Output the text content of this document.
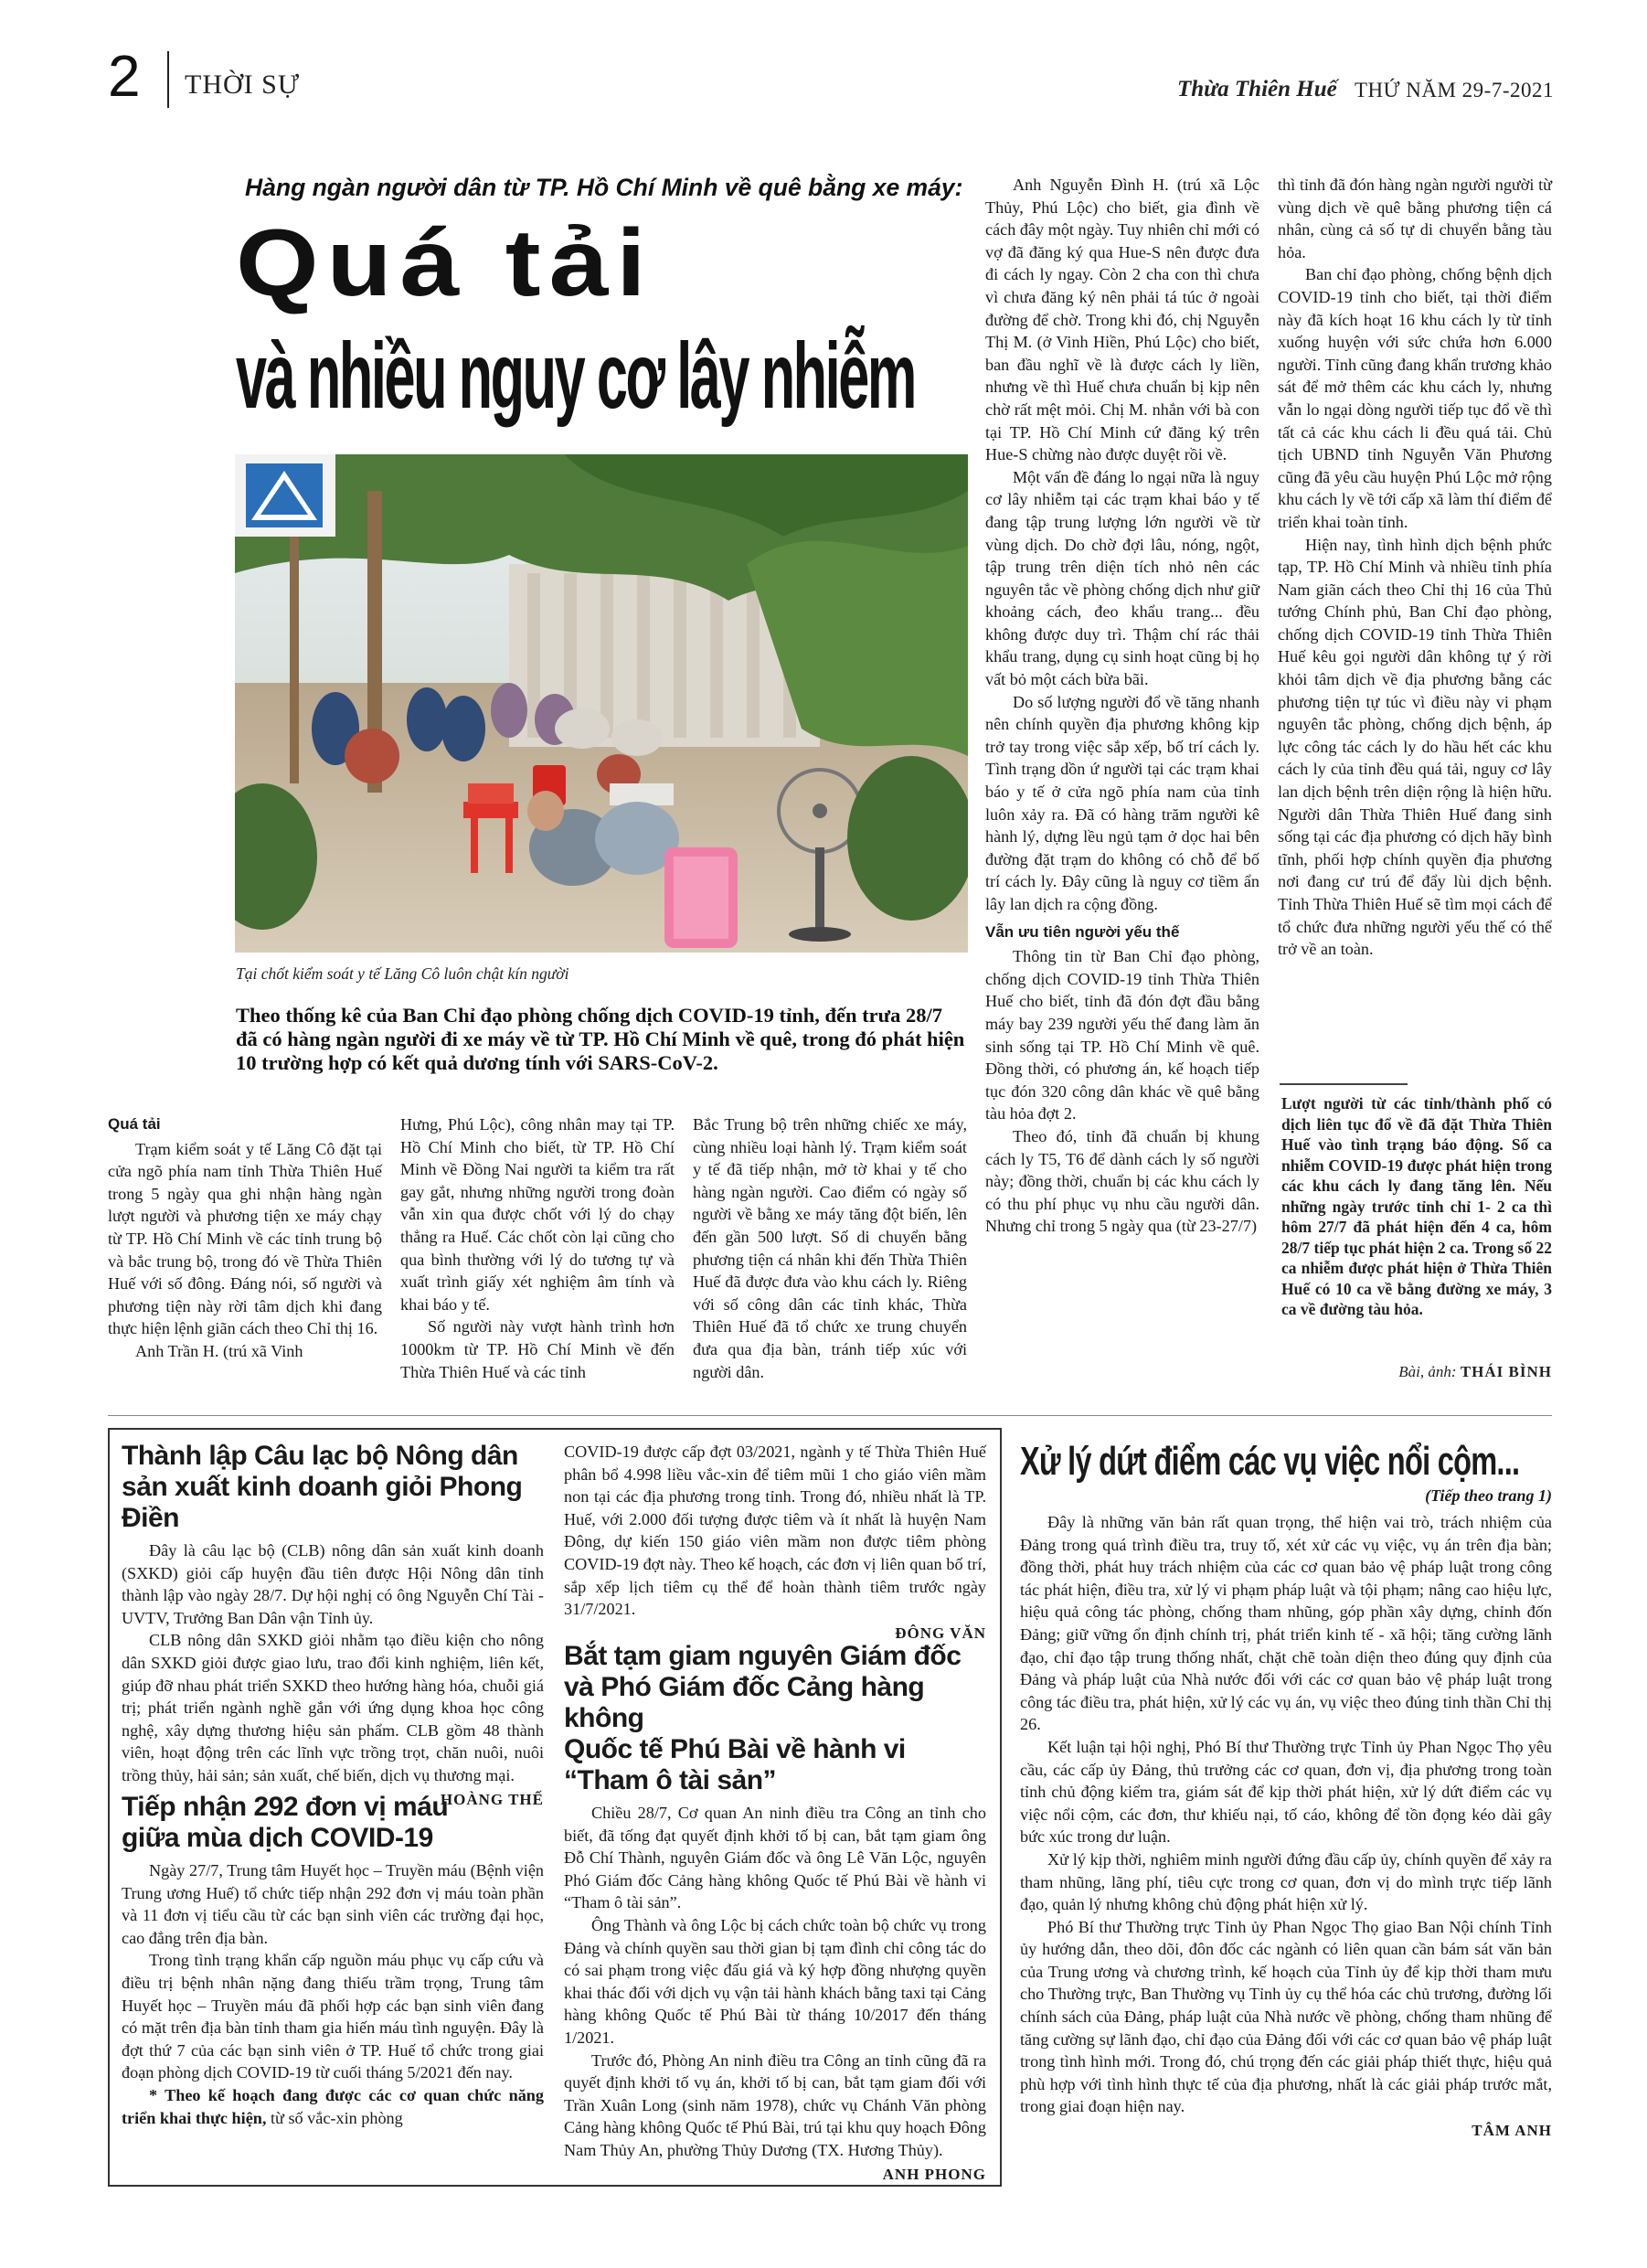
2 THỜI SỰ	Thừa Thiên Huế THỨ NĂM 29-7-2021
Hàng ngàn người dân từ TP. Hồ Chí Minh về quê bằng xe máy:
Quá tải
và nhiều nguy cơ lây nhiễm
Tại chốt kiểm soát y tế Lăng Cô luôn chật kín người
Theo thống kê của Ban Chỉ đạo phòng chống dịch COVID-19 tỉnh, đến trưa 28/7 đã có hàng ngàn người đi xe máy về từ TP. Hồ Chí Minh về quê, trong đó phát hiện 10 trường hợp có kết quả dương tính với SARS-CoV-2.
Quá tải

Trạm kiểm soát y tế Lăng Cô đặt tại cửa ngõ phía nam tỉnh Thừa Thiên Huế trong 5 ngày qua ghi nhận hàng ngàn lượt người và phương tiện xe máy chạy từ TP. Hồ Chí Minh về các tỉnh trung bộ và bắc trung bộ, trong đó về Thừa Thiên Huế với số đông. Đáng nói, số người và phương tiện này rời tâm dịch khi đang thực hiện lệnh giãn cách theo Chỉ thị 16.

Anh Trần H. (trú xã Vinh

Hưng, Phú Lộc), công nhân may tại TP. Hồ Chí Minh cho biết, từ TP. Hồ Chí Minh về Đồng Nai người ta kiểm tra rất gay gắt, nhưng những người trong đoàn vẫn xin qua được chốt với lý do chạy thẳng ra Huế. Các chốt còn lại cũng cho qua bình thường với lý do tương tự và xuất trình giấy xét nghiệm âm tính và khai báo y tế.

Số người này vượt hành trình hơn 1000km từ TP. Hồ Chí Minh về đến Thừa Thiên Huế và các tỉnh

Bắc Trung bộ trên những chiếc xe máy, cùng nhiều loại hành lý. Trạm kiểm soát y tế đã tiếp nhận, mở tờ khai y tế cho hàng ngàn người. Cao điểm có ngày số người về bằng xe máy tăng đột biến, lên đến gần 500 lượt. Số di chuyển bằng phương tiện cá nhân khi đến Thừa Thiên Huế đã được đưa vào khu cách ly. Riêng với số công dân các tỉnh khác, Thừa Thiên Huế đã tổ chức xe trung chuyển đưa qua địa bàn, tránh tiếp xúc với người dân.

Anh Nguyễn Đình H. (trú xã Lộc Thủy, Phú Lộc) cho biết, gia đình về cách đây một ngày. Tuy nhiên chỉ mới có vợ đã đăng ký qua Hue-S nên được đưa đi cách ly ngay. Còn 2 cha con thì chưa vì chưa đăng ký nên phải tá túc ở ngoài đường để chờ. Trong khi đó, chị Nguyễn Thị M. (ở Vinh Hiền, Phú Lộc) cho biết, ban đầu nghĩ về là được cách ly liền, nhưng về thì Huế chưa chuẩn bị kịp nên chờ rất mệt mỏi. Chị M. nhắn với bà con tại TP. Hồ Chí Minh cứ đăng ký trên Hue-S chừng nào được duyệt rồi về.

Một vấn đề đáng lo ngại nữa là nguy cơ lây nhiễm tại các trạm khai báo y tế đang tập trung lượng lớn người về từ vùng dịch. Do chờ đợi lâu, nóng, ngột, tập trung trên diện tích nhỏ nên các nguyên tắc về phòng chống dịch như giữ khoảng cách, đeo khẩu trang... đều không được duy trì. Thậm chí rác thải khẩu trang, dụng cụ sinh hoạt cũng bị họ vất bỏ một cách bừa bãi.

Do số lượng người đổ về tăng nhanh nên chính quyền địa phương không kịp trở tay trong việc sắp xếp, bố trí cách ly. Tình trạng dồn ứ người tại các trạm khai báo y tế ở cửa ngõ phía nam của tỉnh luôn xảy ra. Đã có hàng trăm người kê hành lý, dựng lều ngủ tạm ở dọc hai bên đường đặt trạm do không có chỗ để bố trí cách ly. Đây cũng là nguy cơ tiềm ẩn lây lan dịch ra cộng đồng.

Vẫn ưu tiên người yếu thế

Thông tin từ Ban Chỉ đạo phòng, chống dịch COVID-19 tỉnh Thừa Thiên Huế cho biết, tỉnh đã đón đợt đầu bằng máy bay 239 người yếu thế đang làm ăn sinh sống tại TP. Hồ Chí Minh về quê. Đồng thời, có phương án, kế hoạch tiếp tục đón 320 công dân khác về quê bằng tàu hỏa đợt 2.

Theo đó, tỉnh đã chuẩn bị khung cách ly T5, T6 để dành cách ly số người này; đồng thời, chuẩn bị các khu cách ly có thu phí phục vụ nhu cầu người dân. Nhưng chỉ trong 5 ngày qua (từ 23-27/7)

thì tỉnh đã đón hàng ngàn người người từ vùng dịch về quê bằng phương tiện cá nhân, cùng cả số tự di chuyển bằng tàu hỏa.

Ban chỉ đạo phòng, chống bệnh dịch COVID-19 tỉnh cho biết, tại thời điểm này đã kích hoạt 16 khu cách ly từ tỉnh xuống huyện với sức chứa hơn 6.000 người. Tỉnh cũng đang khẩn trương khảo sát để mở thêm các khu cách ly, nhưng vẫn lo ngại dòng người tiếp tục đổ về thì tất cả các khu cách li đều quá tải. Chủ tịch UBND tỉnh Nguyễn Văn Phương cũng đã yêu cầu huyện Phú Lộc mở rộng khu cách ly về tới cấp xã làm thí điểm để triển khai toàn tỉnh.

Hiện nay, tình hình dịch bệnh phức tạp, TP. Hồ Chí Minh và nhiều tỉnh phía Nam giãn cách theo Chỉ thị 16 của Thủ tướng Chính phủ, Ban Chỉ đạo phòng, chống dịch COVID-19 tỉnh Thừa Thiên Huế kêu gọi người dân không tự ý rời khỏi tâm dịch về địa phương bằng các phương tiện tự túc vì điều này vi phạm nguyên tắc phòng, chống dịch bệnh, áp lực công tác cách ly do hầu hết các khu cách ly của tỉnh đều quá tải, nguy cơ lây lan dịch bệnh trên diện rộng là hiện hữu. Người dân Thừa Thiên Huế đang sinh sống tại các địa phương có dịch hãy bình tĩnh, phối hợp chính quyền địa phương nơi đang cư trú để đẩy lùi dịch bệnh. Tỉnh Thừa Thiên Huế sẽ tìm mọi cách để tổ chức đưa những người yếu thế có thể trở về an toàn.

Lượt người từ các tỉnh/thành phố có dịch liên tục đổ về đã đặt Thừa Thiên Huế vào tình trạng báo động. Số ca nhiễm COVID-19 được phát hiện trong các khu cách ly đang tăng lên. Nếu những ngày trước tỉnh chỉ 1- 2 ca thì hôm 27/7 đã phát hiện đến 4 ca, hôm 28/7 tiếp tục phát hiện 2 ca. Trong số 22 ca nhiễm được phát hiện ở Thừa Thiên Huế có 10 ca về bằng đường xe máy, 3 ca về đường tàu hỏa.
Bài, ảnh: THÁI BÌNH
Thành lập Câu lạc bộ Nông dân
sản xuất kinh doanh giỏi Phong Điền

Đây là câu lạc bộ (CLB) nông dân sản xuất kinh doanh (SXKD) giỏi cấp huyện đầu tiên được Hội Nông dân tỉnh thành lập vào ngày 28/7. Dự hội nghị có ông Nguyễn Chí Tài - UVTV, Trưởng Ban Dân vận Tỉnh ủy.

CLB nông dân SXKD giỏi nhằm tạo điều kiện cho nông dân SXKD giỏi được giao lưu, trao đổi kinh nghiệm, liên kết, giúp đỡ nhau phát triển SXKD theo hướng hàng hóa, chuỗi giá trị; phát triển ngành nghề gắn với ứng dụng khoa học công nghệ, xây dựng thương hiệu sản phẩm. CLB gồm 48 thành viên, hoạt động trên các lĩnh vực trồng trọt, chăn nuôi, nuôi trồng thủy, hải sản; sản xuất, chế biến, dịch vụ thương mại.

HOÀNG THẾ
Tiếp nhận 292 đơn vị máu
giữa mùa dịch COVID-19

Ngày 27/7, Trung tâm Huyết học – Truyền máu (Bệnh viện Trung ương Huế) tổ chức tiếp nhận 292 đơn vị máu toàn phần và 11 đơn vị tiểu cầu từ các bạn sinh viên các trường đại học, cao đẳng trên địa bàn.

Trong tình trạng khẩn cấp nguồn máu phục vụ cấp cứu và điều trị bệnh nhân nặng đang thiếu trầm trọng, Trung tâm Huyết học – Truyền máu đã phối hợp các bạn sinh viên đang có mặt trên địa bàn tỉnh tham gia hiến máu tình nguyện. Đây là đợt thứ 7 của các bạn sinh viên ở TP. Huế tổ chức trong giai đoạn phòng dịch COVID-19 từ cuối tháng 5/2021 đến nay.

* Theo kế hoạch đang được các cơ quan chức năng triển khai thực hiện, từ số vắc-xin phòng

COVID-19 được cấp đợt 03/2021, ngành y tế Thừa Thiên Huế phân bổ 4.998 liều vắc-xin để tiêm mũi 1 cho giáo viên mầm non tại các địa phương trong tỉnh. Trong đó, nhiều nhất là TP. Huế, với 2.000 đối tượng được tiêm và ít nhất là huyện Nam Đông, dự kiến 150 giáo viên mầm non được tiêm phòng COVID-19 đợt này. Theo kế hoạch, các đơn vị liên quan bố trí, sắp xếp lịch tiêm cụ thể để hoàn thành tiêm trước ngày 31/7/2021.

ĐÔNG VĂN
Bắt tạm giam nguyên Giám đốc
và Phó Giám đốc Cảng hàng không
Quốc tế Phú Bài về hành vi
“Tham ô tài sản”

Chiều 28/7, Cơ quan An ninh điều tra Công an tỉnh cho biết, đã tống đạt quyết định khởi tố bị can, bắt tạm giam ông Đỗ Chí Thành, nguyên Giám đốc và ông Lê Văn Lộc, nguyên Phó Giám đốc Cảng hàng không Quốc tế Phú Bài về hành vi “Tham ô tài sản”.

Ông Thành và ông Lộc bị cách chức toàn bộ chức vụ trong Đảng và chính quyền sau thời gian bị tạm đình chỉ công tác do có sai phạm trong việc đấu giá và ký hợp đồng nhượng quyền khai thác đối với dịch vụ vận tải hành khách bằng taxi tại Cảng hàng không Quốc tế Phú Bài từ tháng 10/2017 đến tháng 1/2021.

Trước đó, Phòng An ninh điều tra Công an tỉnh cũng đã ra quyết định khởi tố vụ án, khởi tố bị can, bắt tạm giam đối với Trần Xuân Long (sinh năm 1978), chức vụ Chánh Văn phòng Cảng hàng không Quốc tế Phú Bài, trú tại khu quy hoạch Đông Nam Thủy An, phường Thủy Dương (TX. Hương Thủy).

ANH PHONG
Xử lý dứt điểm các vụ việc nổi cộm...
(Tiếp theo trang 1)

Đây là những văn bản rất quan trọng, thể hiện vai trò, trách nhiệm của Đảng trong quá trình điều tra, truy tố, xét xử các vụ việc, vụ án trên địa bàn; đồng thời, phát huy trách nhiệm của các cơ quan bảo vệ pháp luật trong công tác phát hiện, điều tra, xử lý vi phạm pháp luật và tội phạm; nâng cao hiệu lực, hiệu quả công tác phòng, chống tham nhũng, góp phần xây dựng, chỉnh đốn Đảng; giữ vững ổn định chính trị, phát triển kinh tế - xã hội; tăng cường lãnh đạo, chỉ đạo tập trung thống nhất, chặt chẽ toàn diện theo đúng quy định của Đảng và pháp luật của Nhà nước đối với các cơ quan bảo vệ pháp luật trong công tác điều tra, phát hiện, xử lý các vụ án, vụ việc theo đúng tinh thần Chỉ thị 26.

Kết luận tại hội nghị, Phó Bí thư Thường trực Tỉnh ủy Phan Ngọc Thọ yêu cầu, các cấp ủy Đảng, thủ trưởng các cơ quan, đơn vị, địa phương trong toàn tỉnh chủ động kiểm tra, giám sát để kịp thời phát hiện, xử lý dứt điểm các vụ việc nổi cộm, các đơn, thư khiếu nại, tố cáo, không để tồn đọng kéo dài gây bức xúc trong dư luận.

Xử lý kịp thời, nghiêm minh người đứng đầu cấp ủy, chính quyền để xảy ra tham nhũng, lãng phí, tiêu cực trong cơ quan, đơn vị do mình trực tiếp lãnh đạo, quản lý nhưng không chủ động phát hiện xử lý.

Phó Bí thư Thường trực Tỉnh ủy Phan Ngọc Thọ giao Ban Nội chính Tỉnh ủy hướng dẫn, theo dõi, đôn đốc các ngành có liên quan cần bám sát văn bản của Trung ương và chương trình, kế hoạch của Tỉnh ủy để kịp thời tham mưu cho Thường trực, Ban Thường vụ Tỉnh ủy cụ thể hóa các chủ trương, đường lối chính sách của Đảng, pháp luật của Nhà nước về phòng, chống tham nhũng để tăng cường sự lãnh đạo, chỉ đạo của Đảng đối với các cơ quan bảo vệ pháp luật trong tình hình mới. Trong đó, chú trọng đến các giải pháp thiết thực, hiệu quả phù hợp với tình hình thực tế của địa phương, nhất là các giải pháp trước mắt, trong giai đoạn hiện nay.

TÂM ANH
